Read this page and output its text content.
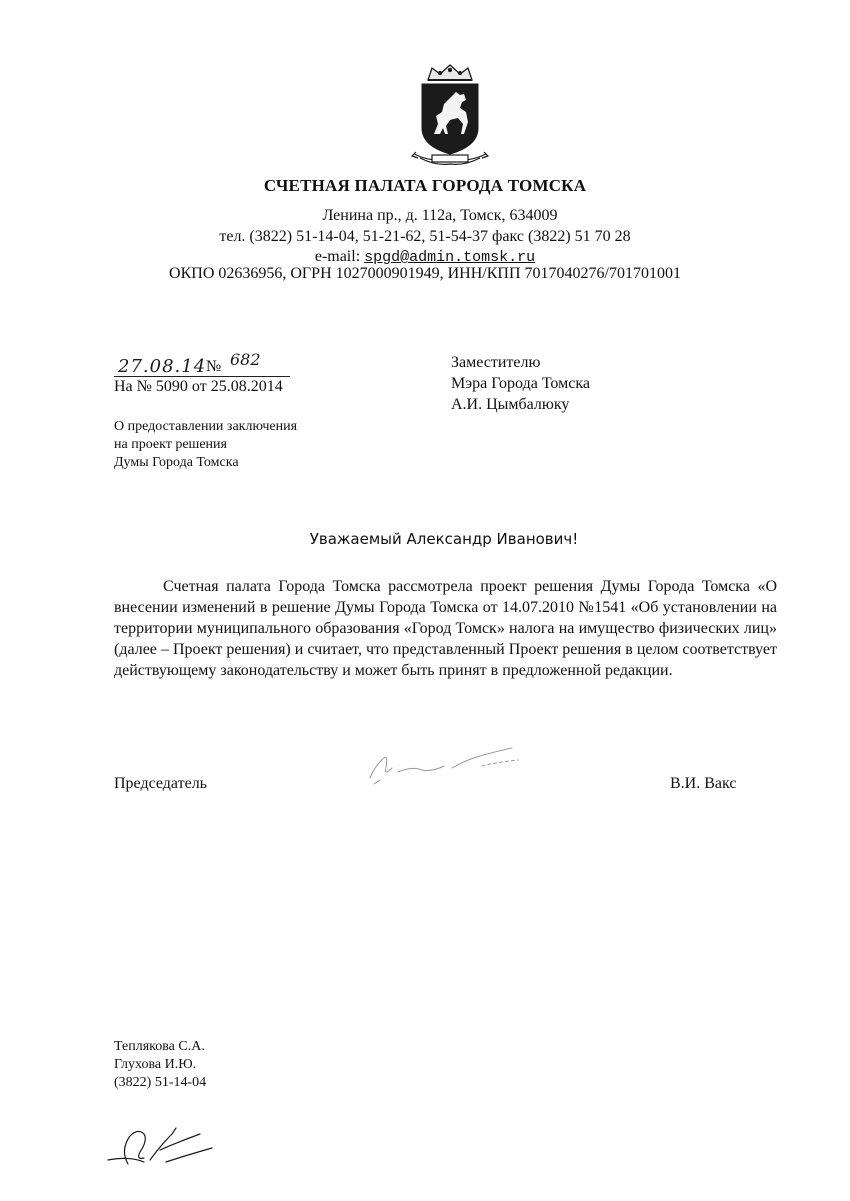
СЧЕТНАЯ ПАЛАТА ГОРОДА ТОМСКА
Ленина пр., д. 112а, Томск, 634009
тел. (3822) 51-14-04, 51-21-62, 51-54-37 факс (3822) 51 70 28
e-mail: spgd@admin.tomsk.ru
ОКПО 02636956, ОГРН 1027000901949, ИНН/КПП 7017040276/701701001
27.08.14 № 682
На № 5090 от 25.08.2014
Заместителю
Мэра Города Томска
А.И. Цымбалюку
О предоставлении заключения
на проект решения
Думы Города Томска
Уважаемый Александр Иванович!
Счетная палата Города Томска рассмотрела проект решения Думы Города Томска «О внесении изменений в решение Думы Города Томска от 14.07.2010 №1541 «Об установлении на территории муниципального образования «Город Томск» налога на имущество физических лиц» (далее – Проект решения) и считает, что представленный Проект решения в целом соответствует действующему законодательству и может быть принят в предложенной редакции.
Председатель	В.И. Вакс
Теплякова С.А.
Глухова И.Ю.
(3822) 51-14-04
